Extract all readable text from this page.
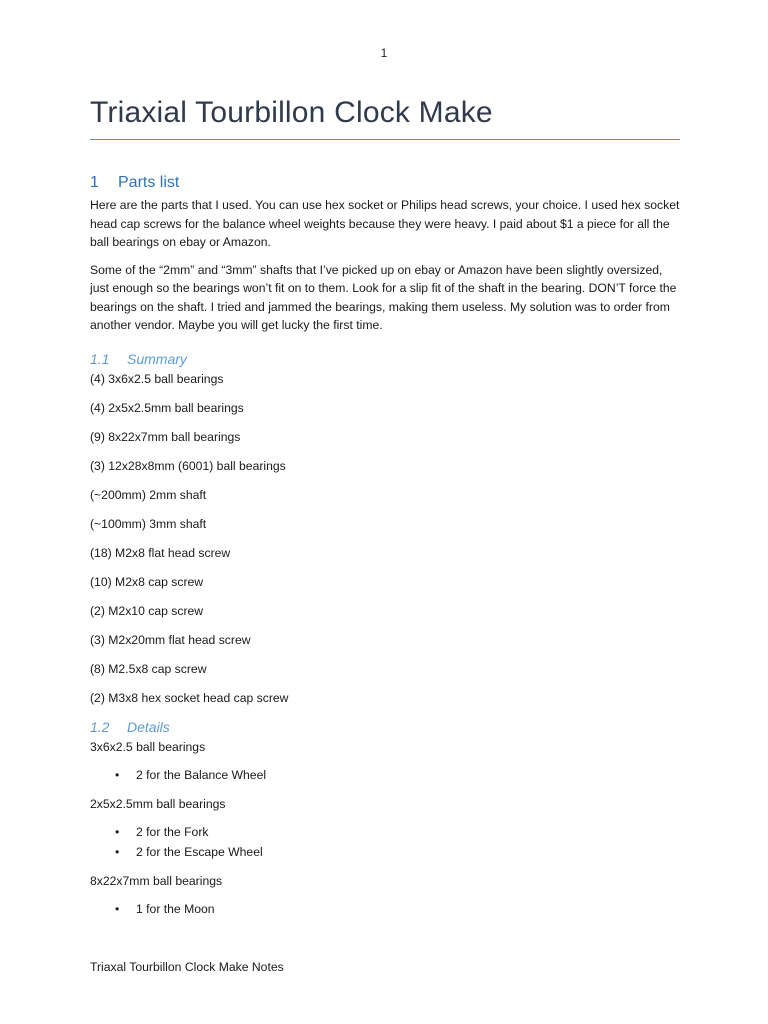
1
Triaxial Tourbillon Clock Make
1 Parts list

Here are the parts that I used. You can use hex socket or Philips head screws, your choice. I used hex socket head cap screws for the balance wheel weights because they were heavy. I paid about $1 a piece for all the ball bearings on ebay or Amazon.

Some of the “2mm” and “3mm” shafts that I’ve picked up on ebay or Amazon have been slightly oversized, just enough so the bearings won’t fit on to them. Look for a slip fit of the shaft in the bearing. DON’T force the bearings on the shaft. I tried and jammed the bearings, making them useless. My solution was to order from another vendor. Maybe you will get lucky the first time.

1.1 Summary

(4) 3x6x2.5 ball bearings

(4) 2x5x2.5mm ball bearings

(9) 8x22x7mm ball bearings

(3) 12x28x8mm (6001) ball bearings

(~200mm) 2mm shaft

(~100mm) 3mm shaft

(18) M2x8 flat head screw

(10) M2x8 cap screw

(2) M2x10 cap screw

(3) M2x20mm flat head screw

(8) M2.5x8 cap screw

(2) M3x8 hex socket head cap screw

1.2 Details

3x6x2.5 ball bearings

• 2 for the Balance Wheel

2x5x2.5mm ball bearings

• 2 for the Fork
• 2 for the Escape Wheel

8x22x7mm ball bearings

• 1 for the Moon
Triaxal Tourbillon Clock Make Notes
